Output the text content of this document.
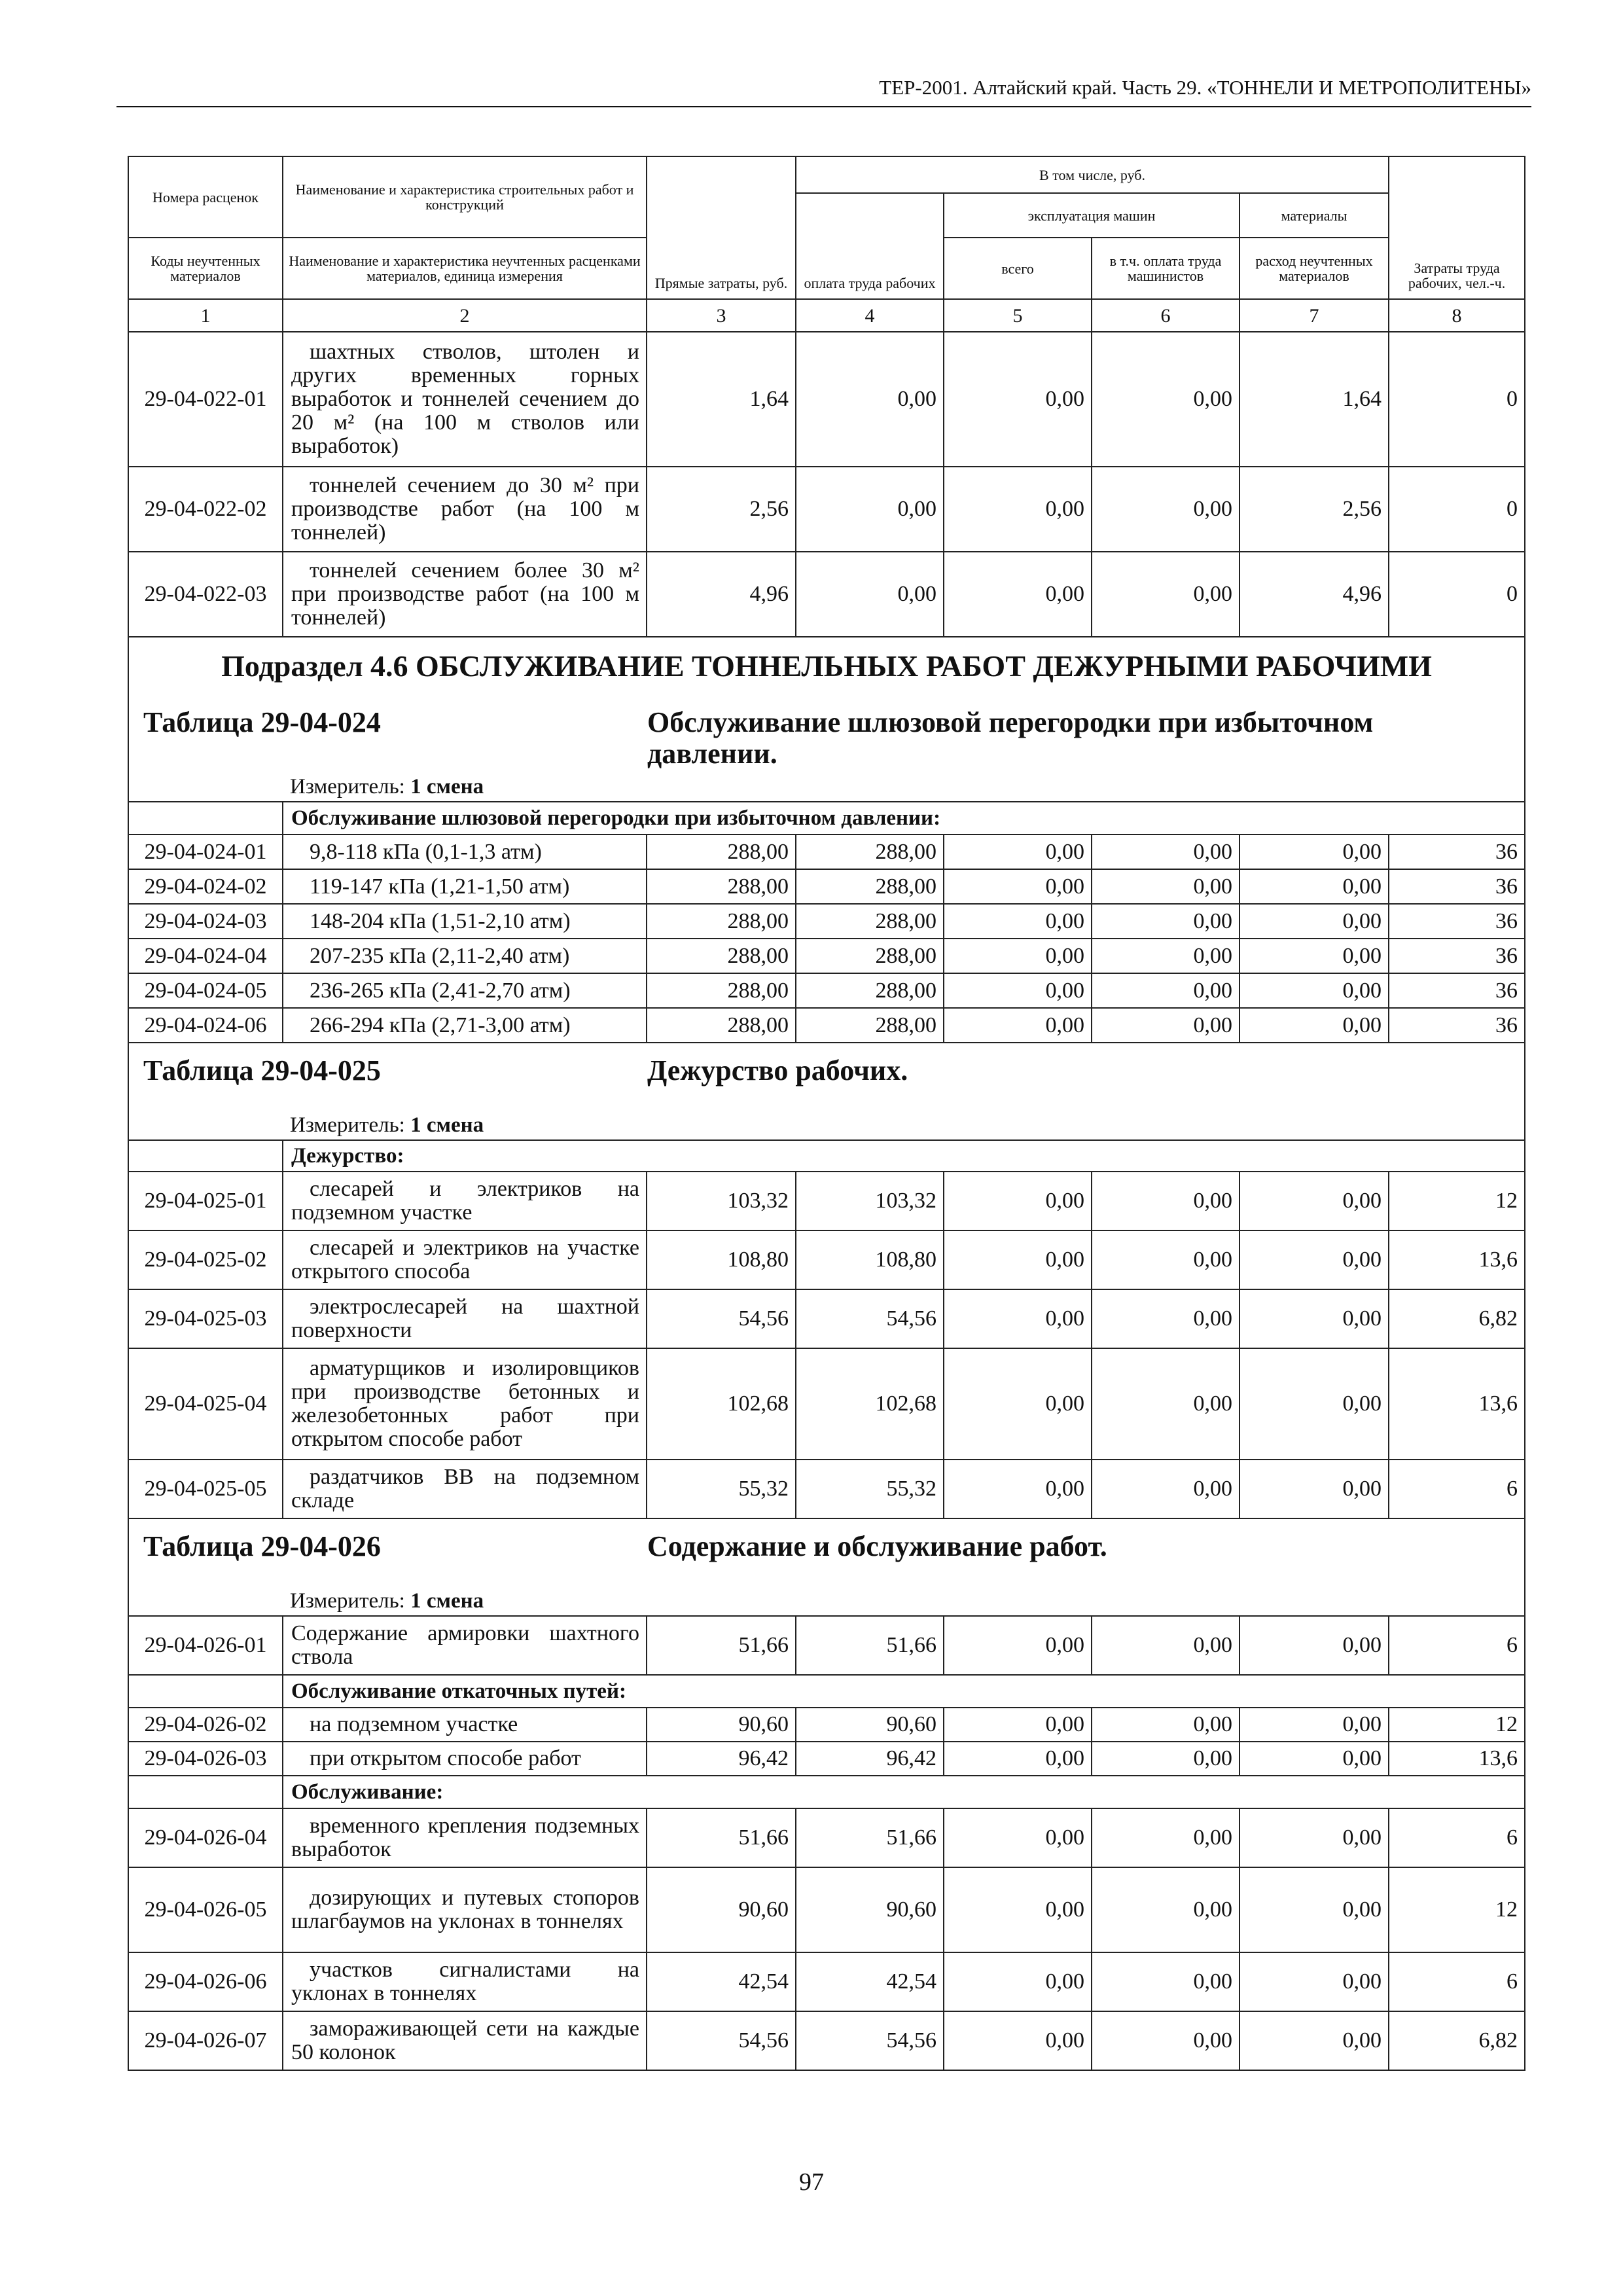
ТЕР-2001. Алтайский край. Часть 29. «ТОННЕЛИ И МЕТРОПОЛИТЕНЫ»
Номера расценок	Наименование и характеристика строительных работ и конструкций	Прямые затраты, руб.	В том числе, руб.				Затраты труда рабочих, чел.-ч.
			оплата труда рабочих	эксплуатация машин		материалы	
Коды неучтенных материалов	Наименование и характеристика неучтенных расценками материалов, единица измерения			всего	в т.ч. оплата труда машинистов	расход неучтенных материалов	
1	2	3	4	5	6	7	8
29-04-022-01	шахтных стволов, штолен и других временных горных выработок и тоннелей сечением до 20 м² (на 100 м стволов или выработок)	1,64	0,00	0,00	0,00	1,64	0
29-04-022-02	тоннелей сечением до 30 м² при производстве работ (на 100 м тоннелей)	2,56	0,00	0,00	0,00	2,56	0
29-04-022-03	тоннелей сечением более 30 м² при производстве работ (на 100 м тоннелей)	4,96	0,00	0,00	0,00	4,96	0
Подраздел 4.6 ОБСЛУЖИВАНИЕ ТОННЕЛЬНЫХ РАБОТ ДЕЖУРНЫМИ РАБОЧИМИ							
Таблица 29-04-024 Обслуживание шлюзовой перегородки при избыточном давлении.							
Измеритель: 1 смена							
	Обслуживание шлюзовой перегородки при избыточном давлении:						
29-04-024-01	9,8-118 кПа (0,1-1,3 атм)	288,00	288,00	0,00	0,00	0,00	36
29-04-024-02	119-147 кПа (1,21-1,50 атм)	288,00	288,00	0,00	0,00	0,00	36
29-04-024-03	148-204 кПа (1,51-2,10 атм)	288,00	288,00	0,00	0,00	0,00	36
29-04-024-04	207-235 кПа (2,11-2,40 атм)	288,00	288,00	0,00	0,00	0,00	36
29-04-024-05	236-265 кПа (2,41-2,70 атм)	288,00	288,00	0,00	0,00	0,00	36
29-04-024-06	266-294 кПа (2,71-3,00 атм)	288,00	288,00	0,00	0,00	0,00	36
Таблица 29-04-025 Дежурство рабочих.							
Измеритель: 1 смена							
	Дежурство:						
29-04-025-01	слесарей и электриков на подземном участке	103,32	103,32	0,00	0,00	0,00	12
29-04-025-02	слесарей и электриков на участке открытого способа	108,80	108,80	0,00	0,00	0,00	13,6
29-04-025-03	электрослесарей на шахтной поверхности	54,56	54,56	0,00	0,00	0,00	6,82
29-04-025-04	арматурщиков и изолировщиков при производстве бетонных и железобетонных работ при открытом способе работ	102,68	102,68	0,00	0,00	0,00	13,6
29-04-025-05	раздатчиков ВВ на подземном складе	55,32	55,32	0,00	0,00	0,00	6
Таблица 29-04-026 Содержание и обслуживание работ.							
Измеритель: 1 смена							
29-04-026-01	Содержание армировки шахтного ствола	51,66	51,66	0,00	0,00	0,00	6
	Обслуживание откаточных путей:						
29-04-026-02	на подземном участке	90,60	90,60	0,00	0,00	0,00	12
29-04-026-03	при открытом способе работ	96,42	96,42	0,00	0,00	0,00	13,6
	Обслуживание:						
29-04-026-04	временного крепления подземных выработок	51,66	51,66	0,00	0,00	0,00	6
29-04-026-05	дозирующих и путевых стопоров шлагбаумов на уклонах в тоннелях	90,60	90,60	0,00	0,00	0,00	12
29-04-026-06	участков сигналистами на уклонах в тоннелях	42,54	42,54	0,00	0,00	0,00	6
29-04-026-07	замораживающей сети на каждые 50 колонок	54,56	54,56	0,00	0,00	0,00	6,82
97
